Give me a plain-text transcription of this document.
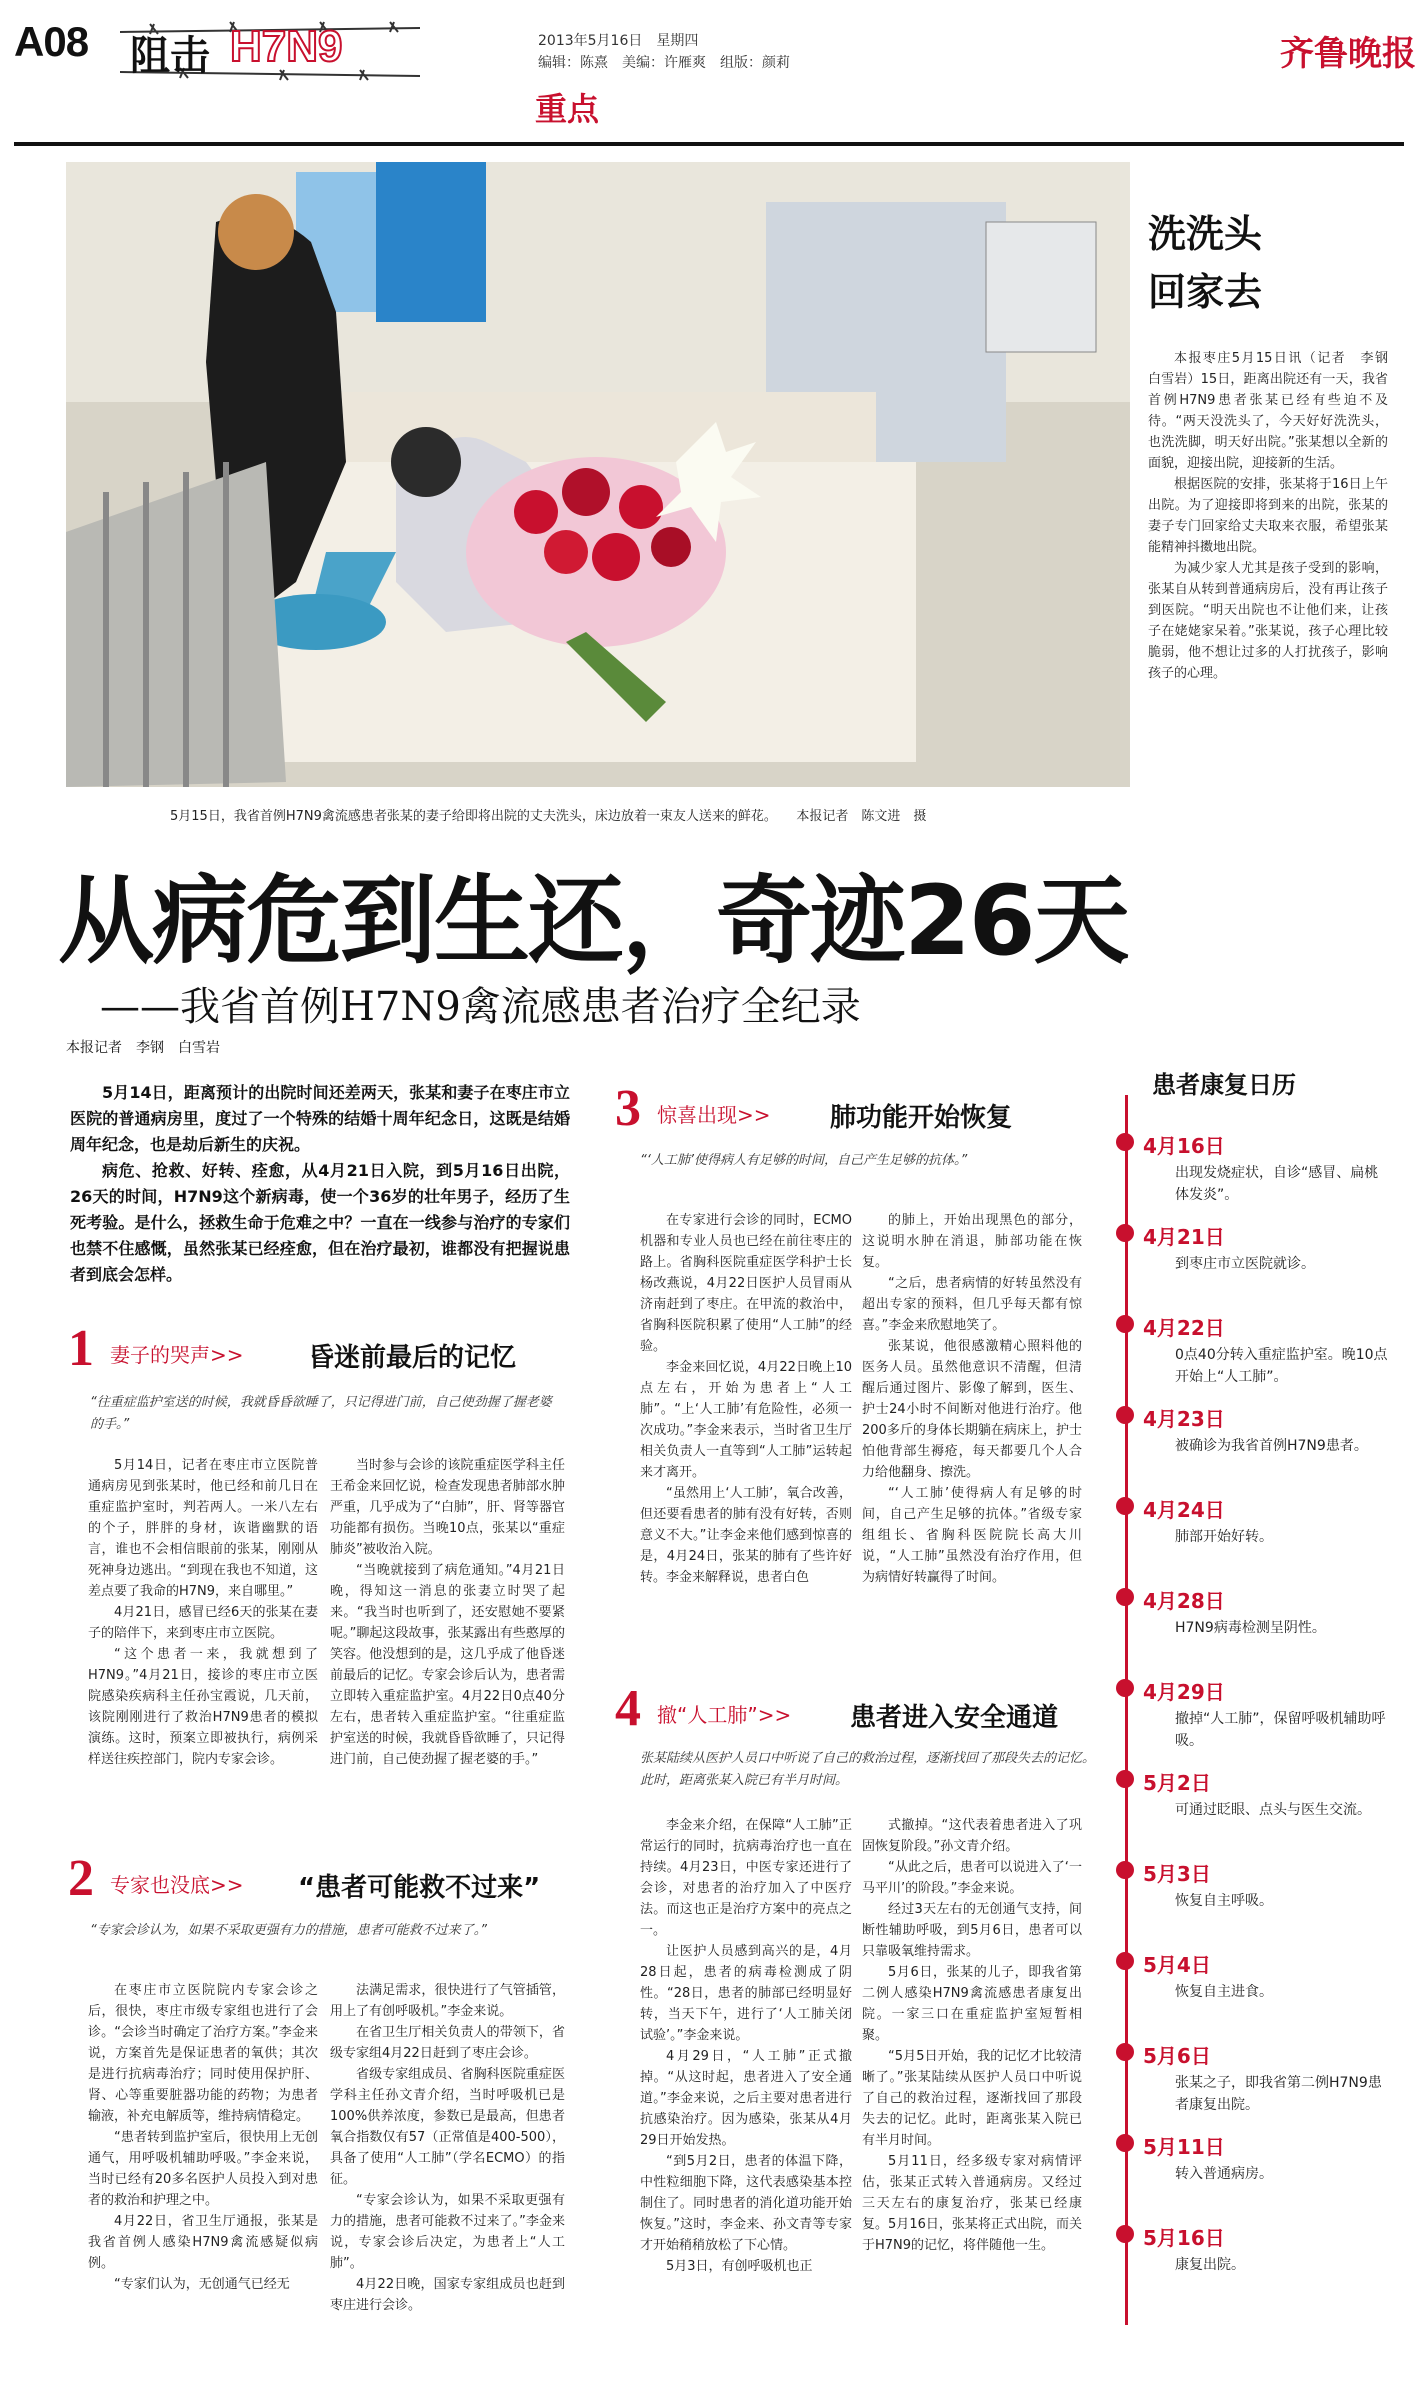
A08 阻击 H7N9
重点
2013年5月16日　星期四
编辑：陈熹　美编：许雁爽　组版：颜莉	齐鲁晚报
5月15日，我省首例H7N9禽流感患者张某的妻子给即将出院的丈夫洗头，床边放着一束友人送来的鲜花。　　本报记者　陈文进　摄
洗洗头
回家去

本报枣庄5月15日讯（记者　李钢　白雪岩）15日，距离出院还有一天，我省首例H7N9患者张某已经有些迫不及待。“两天没洗头了，今天好好洗洗头，也洗洗脚，明天好出院。”张某想以全新的面貌，迎接出院，迎接新的生活。

根据医院的安排，张某将于16日上午出院。为了迎接即将到来的出院，张某的妻子专门回家给丈夫取来衣服，希望张某能精神抖擞地出院。

为减少家人尤其是孩子受到的影响，张某自从转到普通病房后，没有再让孩子到医院。“明天出院也不让他们来，让孩子在姥姥家呆着。”张某说，孩子心理比较脆弱，他不想让过多的人打扰孩子，影响孩子的心理。

从病危到生还，奇迹26天
——我省首例H7N9禽流感患者治疗全纪录
本报记者　李钢　白雪岩

5月14日，距离预计的出院时间还差两天，张某和妻子在枣庄市立医院的普通病房里，度过了一个特殊的结婚十周年纪念日，这既是结婚周年纪念，也是劫后新生的庆祝。

病危、抢救、好转、痊愈，从4月21日入院，到5月16日出院，26天的时间，H7N9这个新病毒，使一个36岁的壮年男子，经历了生死考验。是什么，拯救生命于危难之中？一直在一线参与治疗的专家们也禁不住感慨，虽然张某已经痊愈，但在治疗最初，谁都没有把握说患者到底会怎样。

1 妻子的哭声>> 昏迷前最后的记忆
“往重症监护室送的时候，我就昏昏欲睡了，只记得进门前，自己使劲握了握老婆的手。”

5月14日，记者在枣庄市立医院普通病房见到张某时，他已经和前几日在重症监护室时，判若两人。一米八左右的个子，胖胖的身材，诙谐幽默的语言，谁也不会相信眼前的张某，刚刚从死神身边逃出。“到现在我也不知道，这差点要了我命的H7N9，来自哪里。”

4月21日，感冒已经6天的张某在妻子的陪伴下，来到枣庄市立医院。

“这个患者一来，我就想到了H7N9。”4月21日，接诊的枣庄市立医院感染疾病科主任孙宝霞说，几天前，该院刚刚进行了救治H7N9患者的模拟演练。这时，预案立即被执行，病例采样送往疾控部门，院内专家会诊。

当时参与会诊的该院重症医学科主任王希金来回忆说，检查发现患者肺部水肿严重，几乎成为了“白肺”，肝、肾等器官功能都有损伤。当晚10点，张某以“重症肺炎”被收治入院。

“当晚就接到了病危通知。”4月21日晚，得知这一消息的张妻立时哭了起来。“我当时也听到了，还安慰她不要紧呢。”聊起这段故事，张某露出有些憨厚的笑容。他没想到的是，这几乎成了他昏迷前最后的记忆。专家会诊后认为，患者需立即转入重症监护室。4月22日0点40分左右，患者转入重症监护室。“往重症监护室送的时候，我就昏昏欲睡了，只记得进门前，自己使劲握了握老婆的手。”

2 专家也没底>> “患者可能救不过来”
“专家会诊认为，如果不采取更强有力的措施，患者可能救不过来了。”

在枣庄市立医院院内专家会诊之后，很快，枣庄市级专家组也进行了会诊。“会诊当时确定了治疗方案。”李金来说，方案首先是保证患者的氧供；其次是进行抗病毒治疗；同时使用保护肝、肾、心等重要脏器功能的药物；为患者输液，补充电解质等，维持病情稳定。

“患者转到监护室后，很快用上无创通气，用呼吸机辅助呼吸。”李金来说，当时已经有20多名医护人员投入到对患者的救治和护理之中。

4月22日，省卫生厅通报，张某是我省首例人感染H7N9禽流感疑似病例。

“专家们认为，无创通气已经无

法满足需求，很快进行了气管插管，用上了有创呼吸机。”李金来说。

在省卫生厅相关负责人的带领下，省级专家组4月22日赶到了枣庄会诊。

省级专家组成员、省胸科医院重症医学科主任孙文青介绍，当时呼吸机已是100%供养浓度，参数已是最高，但患者氧合指数仅有57（正常值是400-500），具备了使用“人工肺”（学名ECMO）的指征。

“专家会诊认为，如果不采取更强有力的措施，患者可能救不过来了。”李金来说，专家会诊后决定，为患者上“人工肺”。

4月22日晚，国家专家组成员也赶到枣庄进行会诊。

3 惊喜出现>> 肺功能开始恢复
“‘人工肺’使得病人有足够的时间，自己产生足够的抗体。”

在专家进行会诊的同时，ECMO机器和专业人员也已经在前往枣庄的路上。省胸科医院重症医学科护士长杨改燕说，4月22日医护人员冒雨从济南赶到了枣庄。在甲流的救治中，省胸科医院积累了使用“人工肺”的经验。

李金来回忆说，4月22日晚上10点左右，开始为患者上“人工肺”。“上‘人工肺’有危险性，必须一次成功。”李金来表示，当时省卫生厅相关负责人一直等到“人工肺”运转起来才离开。

“虽然用上‘人工肺’，氧合改善，但还要看患者的肺有没有好转，否则意义不大。”让李金来他们感到惊喜的是，4月24日，张某的肺有了些许好转。李金来解释说，患者白色

的肺上，开始出现黑色的部分，这说明水肿在消退，肺部功能在恢复。

“之后，患者病情的好转虽然没有超出专家的预料，但几乎每天都有惊喜。”李金来欣慰地笑了。

张某说，他很感激精心照料他的医务人员。虽然他意识不清醒，但清醒后通过图片、影像了解到，医生、护士24小时不间断对他进行治疗。他200多斤的身体长期躺在病床上，护士怕他背部生褥疮，每天都要几个人合力给他翻身、擦洗。

“‘人工肺’使得病人有足够的时间，自己产生足够的抗体。”省级专家组组长、省胸科医院院长高大川说，“人工肺”虽然没有治疗作用，但为病情好转赢得了时间。

4 撤“人工肺”>> 患者进入安全通道
张某陆续从医护人员口中听说了自己的救治过程，逐渐找回了那段失去的记忆。此时，距离张某入院已有半月时间。

李金来介绍，在保障“人工肺”正常运行的同时，抗病毒治疗也一直在持续。4月23日，中医专家还进行了会诊，对患者的治疗加入了中医疗法。而这也正是治疗方案中的亮点之一。

让医护人员感到高兴的是，4月28日起，患者的病毒检测成了阴性。“28日，患者的肺部已经明显好转，当天下午，进行了‘人工肺关闭试验’。”李金来说。

4月29日，“人工肺”正式撤掉。“从这时起，患者进入了安全通道。”李金来说，之后主要对患者进行抗感染治疗。因为感染，张某从4月29日开始发热。

“到5月2日，患者的体温下降，中性粒细胞下降，这代表感染基本控制住了。同时患者的消化道功能开始恢复。”这时，李金来、孙文青等专家才开始稍稍放松了下心情。

5月3日，有创呼吸机也正

式撤掉。“这代表着患者进入了巩固恢复阶段。”孙文青介绍。

“从此之后，患者可以说进入了‘一马平川’的阶段。”李金来说。

经过3天左右的无创通气支持，间断性辅助呼吸，到5月6日，患者可以只靠吸氧维持需求。

5月6日，张某的儿子，即我省第二例人感染H7N9禽流感患者康复出院。一家三口在重症监护室短暂相聚。

“5月5日开始，我的记忆才比较清晰了。”张某陆续从医护人员口中听说了自己的救治过程，逐渐找回了那段失去的记忆。此时，距离张某入院已有半月时间。

5月11日，经多级专家对病情评估，张某正式转入普通病房。又经过三天左右的康复治疗，张某已经康复。5月16日，张某将正式出院，而关于H7N9的记忆，将伴随他一生。

患者康复日历
4月16日
出现发烧症状，自诊“感冒、扁桃体发炎”。
4月21日
到枣庄市立医院就诊。
4月22日
0点40分转入重症监护室。晚10点开始上“人工肺”。
4月23日
被确诊为我省首例H7N9患者。
4月24日
肺部开始好转。
4月28日
H7N9病毒检测呈阴性。
4月29日
撤掉“人工肺”，保留呼吸机辅助呼吸。
5月2日
可通过眨眼、点头与医生交流。
5月3日
恢复自主呼吸。
5月4日
恢复自主进食。
5月6日
张某之子，即我省第二例H7N9患者康复出院。
5月11日
转入普通病房。
5月16日
康复出院。
